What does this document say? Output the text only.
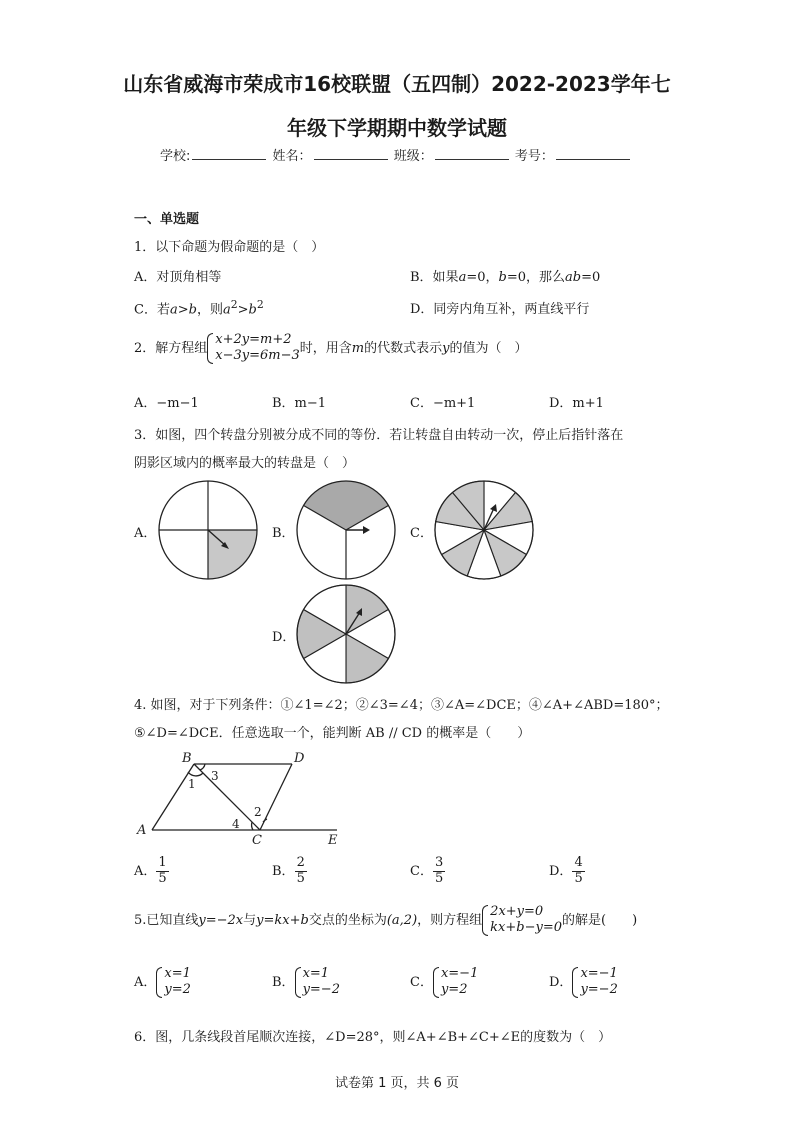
山东省威海市荣成市16校联盟（五四制）2022-2023学年七
年级下学期期中数学试题
学校:	姓名：	班级：	考号：
一、单选题
1．以下命题为假命题的是（　）
A．对顶角相等	B．如果a=0，b=0，那么ab=0
C．若a>b，则$a^2>b^2$	D．同旁内角互补，两直线平行
2．解方程组
x+2y=m+2
x−3y=6m−3 时，用含m的代数式表示y的值为（　）
A．−m−1	B．m−1	C．−m+1	D．m+1
3．如图，四个转盘分别被分成不同的等份．若让转盘自由转动一次，停止后指针落在
阴影区域内的概率最大的转盘是（　）
A．	B．	C．
D．
4. 如图，对于下列条件：①∠1=∠2；②∠3=∠4；③∠A=∠DCE；④∠A+∠ABD=180°；
⑤∠D=∠DCE．任意选取一个，能判断 AB // CD 的概率是（　　）
B	D
A
C	E
1
3
2
4
A． $\frac{1}{5}$	B． $\frac{2}{5}$	C． $\frac{3}{5}$	D． $\frac{4}{5}$
5.已知直线y=−2x与y=kx+b交点的坐标为(a,2)，则方程组
2x+y=0
kx+b−y=0 的解是(　　)
A．
x=1
y=2	B．
x=1
y=−2	C．
x=−1
y=2	D．
x=−1
y=−2
6．图，几条线段首尾顺次连接，∠D=28°，则∠A+∠B+∠C+∠E的度数为（　）
试卷第 1 页，共 6 页
